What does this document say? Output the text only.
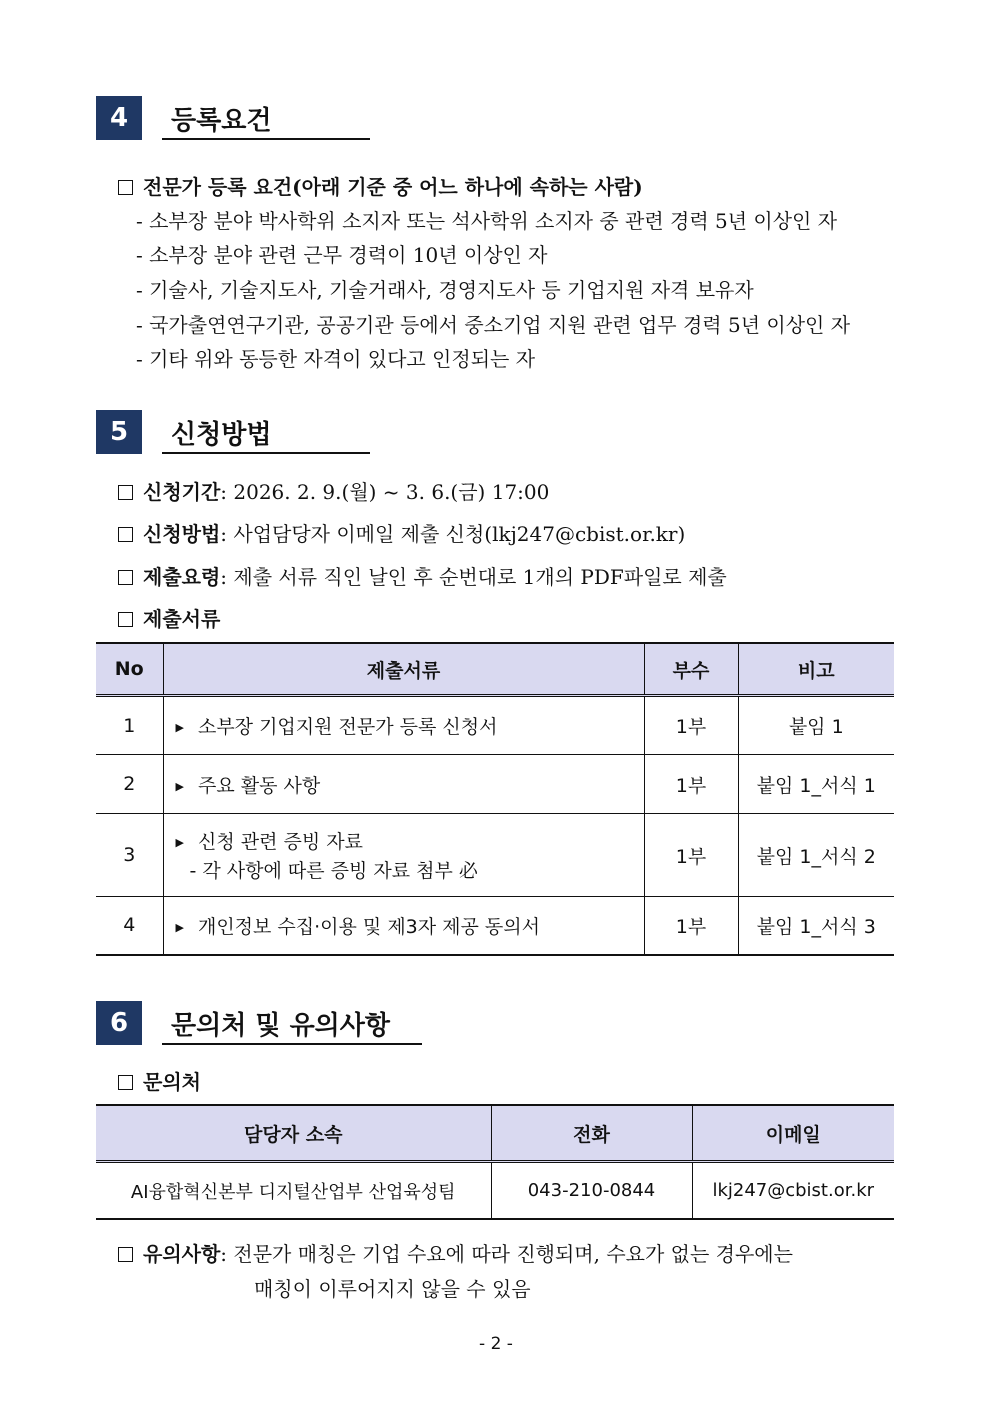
4	등록요건
전문가 등록 요건(아래 기준 중 어느 하나에 속하는 사람)
- 소부장 분야 박사학위 소지자 또는 석사학위 소지자 중 관련 경력 5년 이상인 자
- 소부장 분야 관련 근무 경력이 10년 이상인 자
- 기술사, 기술지도사, 기술거래사, 경영지도사 등 기업지원 자격 보유자
- 국가출연연구기관, 공공기관 등에서 중소기업 지원 관련 업무 경력 5년 이상인 자
- 기타 위와 동등한 자격이 있다고 인정되는 자
5	신청방법
신청기간: 2026. 2. 9.(월) ~ 3. 6.(금) 17:00
신청방법: 사업담당자 이메일 제출 신청(lkj247@cbist.or.kr)
제출요령: 제출 서류 직인 날인 후 순번대로 1개의 PDF파일로 제출
제출서류
No	제출서류	부수	비고
1	▶ 소부장 기업지원 전문가 등록 신청서	1부	붙임 1
2	▶ 주요 활동 사항	1부	붙임 1_서식 1
3	▶ 신청 관련 증빙 자료
- 각 사항에 따른 증빙 자료 첨부 必	1부	붙임 1_서식 2
4	▶ 개인정보 수집·이용 및 제3자 제공 동의서	1부	붙임 1_서식 3
6	문의처 및 유의사항
문의처
담당자 소속	전화	이메일
AI융합혁신본부 디지털산업부 산업육성팀	043-210-0844	lkj247@cbist.or.kr
유의사항: 전문가 매칭은 기업 수요에 따라 진행되며, 수요가 없는 경우에는
매칭이 이루어지지 않을 수 있음
- 2 -
